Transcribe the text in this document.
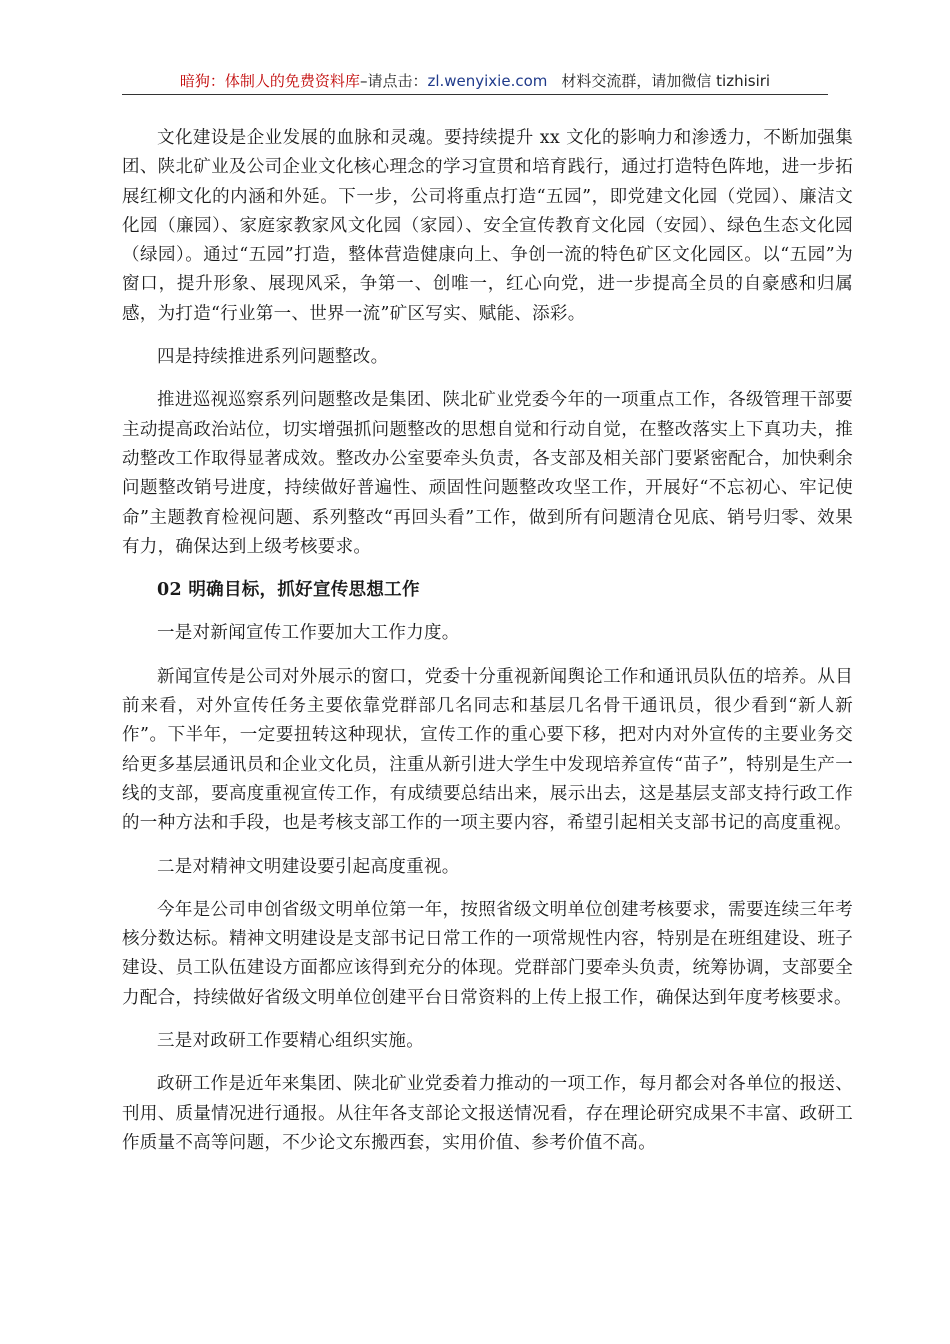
暗狗：体制人的免费资料库–请点击：zl.wenyixie.com 材料交流群，请加微信 tizhisiri

文化建设是企业发展的血脉和灵魂。要持续提升 xx 文化的影响力和渗透力，不断加强集团、陕北矿业及公司企业文化核心理念的学习宣贯和培育践行，通过打造特色阵地，进一步拓展红柳文化的内涵和外延。下一步，公司将重点打造“五园”，即党建文化园（党园）、廉洁文化园（廉园）、家庭家教家风文化园（家园）、安全宣传教育文化园（安园）、绿色生态文化园（绿园）。通过“五园”打造，整体营造健康向上、争创一流的特色矿区文化园区。以“五园”为窗口，提升形象、展现风采，争第一、创唯一，红心向党，进一步提高全员的自豪感和归属感，为打造“行业第一、世界一流”矿区写实、赋能、添彩。

四是持续推进系列问题整改。

推进巡视巡察系列问题整改是集团、陕北矿业党委今年的一项重点工作，各级管理干部要主动提高政治站位，切实增强抓问题整改的思想自觉和行动自觉，在整改落实上下真功夫，推动整改工作取得显著成效。整改办公室要牵头负责，各支部及相关部门要紧密配合，加快剩余问题整改销号进度，持续做好普遍性、顽固性问题整改攻坚工作，开展好“不忘初心、牢记使命”主题教育检视问题、系列整改“再回头看”工作，做到所有问题清仓见底、销号归零、效果有力，确保达到上级考核要求。

02 明确目标，抓好宣传思想工作

一是对新闻宣传工作要加大工作力度。

新闻宣传是公司对外展示的窗口，党委十分重视新闻舆论工作和通讯员队伍的培养。从目前来看，对外宣传任务主要依靠党群部几名同志和基层几名骨干通讯员，很少看到“新人新作”。下半年，一定要扭转这种现状，宣传工作的重心要下移，把对内对外宣传的主要业务交给更多基层通讯员和企业文化员，注重从新引进大学生中发现培养宣传“苗子”，特别是生产一线的支部，要高度重视宣传工作，有成绩要总结出来，展示出去，这是基层支部支持行政工作的一种方法和手段，也是考核支部工作的一项主要内容，希望引起相关支部书记的高度重视。

二是对精神文明建设要引起高度重视。

今年是公司申创省级文明单位第一年，按照省级文明单位创建考核要求，需要连续三年考核分数达标。精神文明建设是支部书记日常工作的一项常规性内容，特别是在班组建设、班子建设、员工队伍建设方面都应该得到充分的体现。党群部门要牵头负责，统筹协调，支部要全力配合，持续做好省级文明单位创建平台日常资料的上传上报工作，确保达到年度考核要求。

三是对政研工作要精心组织实施。

政研工作是近年来集团、陕北矿业党委着力推动的一项工作，每月都会对各单位的报送、刊用、质量情况进行通报。从往年各支部论文报送情况看，存在理论研究成果不丰富、政研工作质量不高等问题，不少论文东搬西套，实用价值、参考价值不高。
